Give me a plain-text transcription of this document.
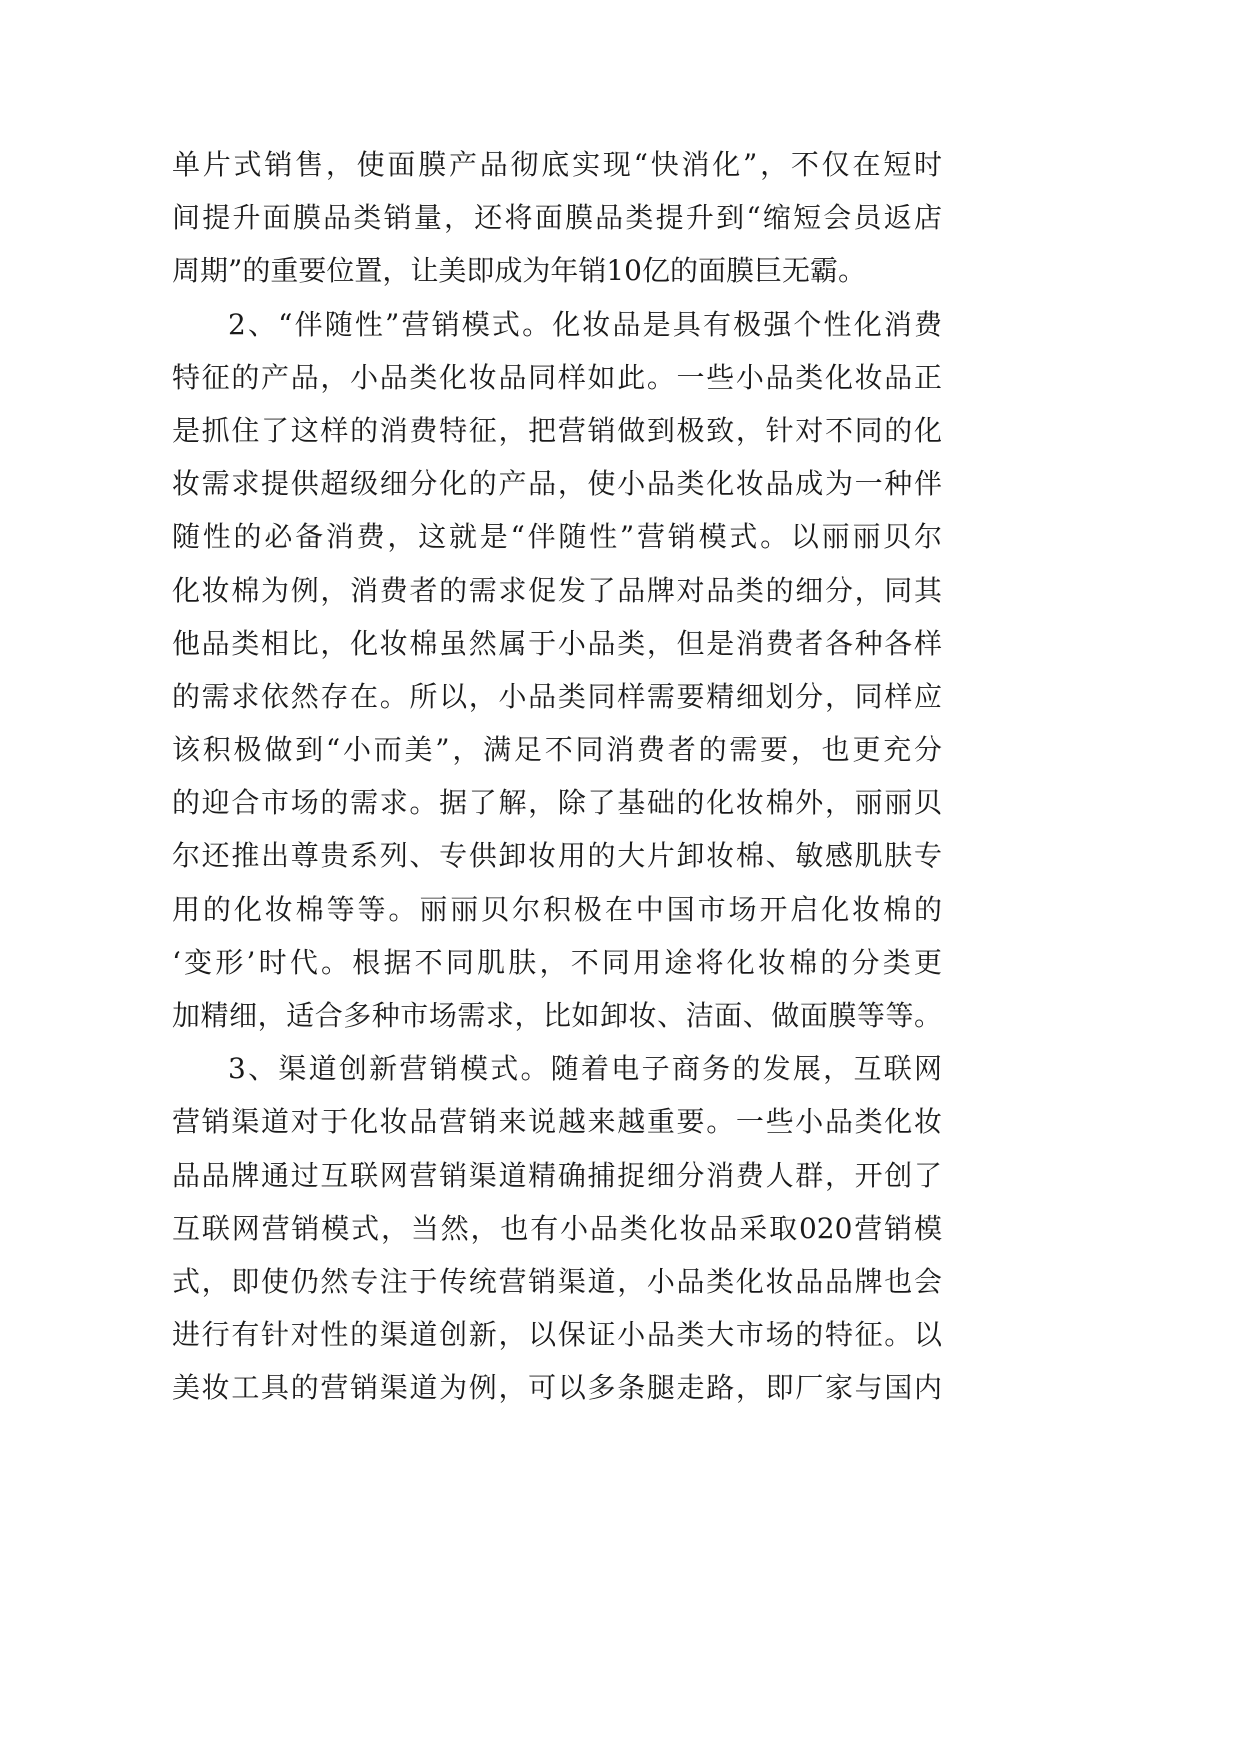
单片式销售，使面膜产品彻底实现“快消化”，不仅在短时
间提升面膜品类销量，还将面膜品类提升到“缩短会员返店
周期”的重要位置，让美即成为年销10亿的面膜巨无霸。
2、“伴随性”营销模式。化妆品是具有极强个性化消费
特征的产品，小品类化妆品同样如此。一些小品类化妆品正
是抓住了这样的消费特征，把营销做到极致，针对不同的化
妆需求提供超级细分化的产品，使小品类化妆品成为一种伴
随性的必备消费，这就是“伴随性”营销模式。以丽丽贝尔
化妆棉为例，消费者的需求促发了品牌对品类的细分，同其
他品类相比，化妆棉虽然属于小品类，但是消费者各种各样
的需求依然存在。所以，小品类同样需要精细划分，同样应
该积极做到“小而美”，满足不同消费者的需要，也更充分
的迎合市场的需求。据了解，除了基础的化妆棉外，丽丽贝
尔还推出尊贵系列、专供卸妆用的大片卸妆棉、敏感肌肤专
用的化妆棉等等。丽丽贝尔积极在中国市场开启化妆棉的
‘变形’时代。根据不同肌肤，不同用途将化妆棉的分类更
加精细，适合多种市场需求，比如卸妆、洁面、做面膜等等。
3、渠道创新营销模式。随着电子商务的发展，互联网
营销渠道对于化妆品营销来说越来越重要。一些小品类化妆
品品牌通过互联网营销渠道精确捕捉细分消费人群，开创了
互联网营销模式，当然，也有小品类化妆品采取020营销模
式，即使仍然专注于传统营销渠道，小品类化妆品品牌也会
进行有针对性的渠道创新，以保证小品类大市场的特征。以
美妆工具的营销渠道为例，可以多条腿走路，即厂家与国内
